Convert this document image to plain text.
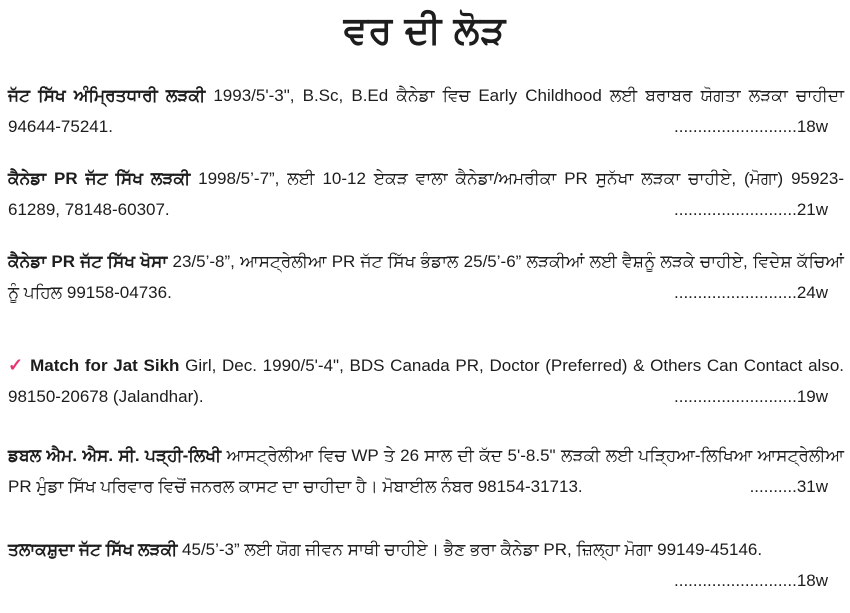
ਵਰ ਦੀ ਲੋੜ

ਜੱਟ ਸਿੱਖ ਅੰਮ੍ਰਿਤਧਾਰੀ ਲੜਕੀ 1993/5'-3", B.Sc, B.Ed ਕੈਨੇਡਾ ਵਿਚ Early Childhood ਲਈ ਬਰਾਬਰ ਯੋਗਤਾ ਲੜਕਾ ਚਾਹੀਦਾ 94644-75241.	..........................18w

ਕੈਨੇਡਾ PR ਜੱਟ ਸਿੱਖ ਲੜਕੀ 1998/5’-7”, ਲਈ 10-12 ਏਕੜ ਵਾਲਾ ਕੈਨੇਡਾ/ਅਮਰੀਕਾ PR ਸੁਨੱਖਾ ਲੜਕਾ ਚਾਹੀਏ, (ਮੋਗਾ) 95923-61289, 78148-60307.	..........................21w

ਕੈਨੇਡਾ PR ਜੱਟ ਸਿੱਖ ਖੋਸਾ 23/5’-8”, ਆਸਟ੍ਰੇਲੀਆ PR ਜੱਟ ਸਿੱਖ ਭੰਡਾਲ 25/5’-6” ਲੜਕੀਆਂ ਲਈ ਵੈਸ਼ਨੂੰ ਲੜਕੇ ਚਾਹੀਏ, ਵਿਦੇਸ਼ ਕੱਚਿਆਂ ਨੂੰ ਪਹਿਲ 99158-04736.	..........................24w

✓ Match for Jat Sikh Girl, Dec. 1990/5'-4", BDS Canada PR, Doctor (Preferred) & Others Can Contact also. 98150-20678 (Jalandhar).	..........................19w

ਡਬਲ ਐਮ. ਐਸ. ਸੀ. ਪੜ੍ਹੀ-ਲਿਖੀ ਆਸਟ੍ਰੇਲੀਆ ਵਿਚ WP ਤੇ 26 ਸਾਲ ਦੀ ਕੱਦ 5'-8.5" ਲੜਕੀ ਲਈ ਪੜ੍ਹਿਆ-ਲਿਖਿਆ ਆਸਟ੍ਰੇਲੀਆ PR ਮੁੰਡਾ ਸਿੱਖ ਪਰਿਵਾਰ ਵਿਚੋਂ ਜਨਰਲ ਕਾਸਟ ਦਾ ਚਾਹੀਦਾ ਹੈ। ਮੋਬਾਈਲ ਨੰਬਰ 98154-31713.	..........31w

ਤਲਾਕਸ਼ੁਦਾ ਜੱਟ ਸਿੱਖ ਲੜਕੀ 45/5’-3” ਲਈ ਯੋਗ ਜੀਵਨ ਸਾਥੀ ਚਾਹੀਏ। ਭੈਣ ਭਰਾ ਕੈਨੇਡਾ PR, ਜ਼ਿਲ੍ਹਾ ਮੋਗਾ 99149-45146.

..........................18w
